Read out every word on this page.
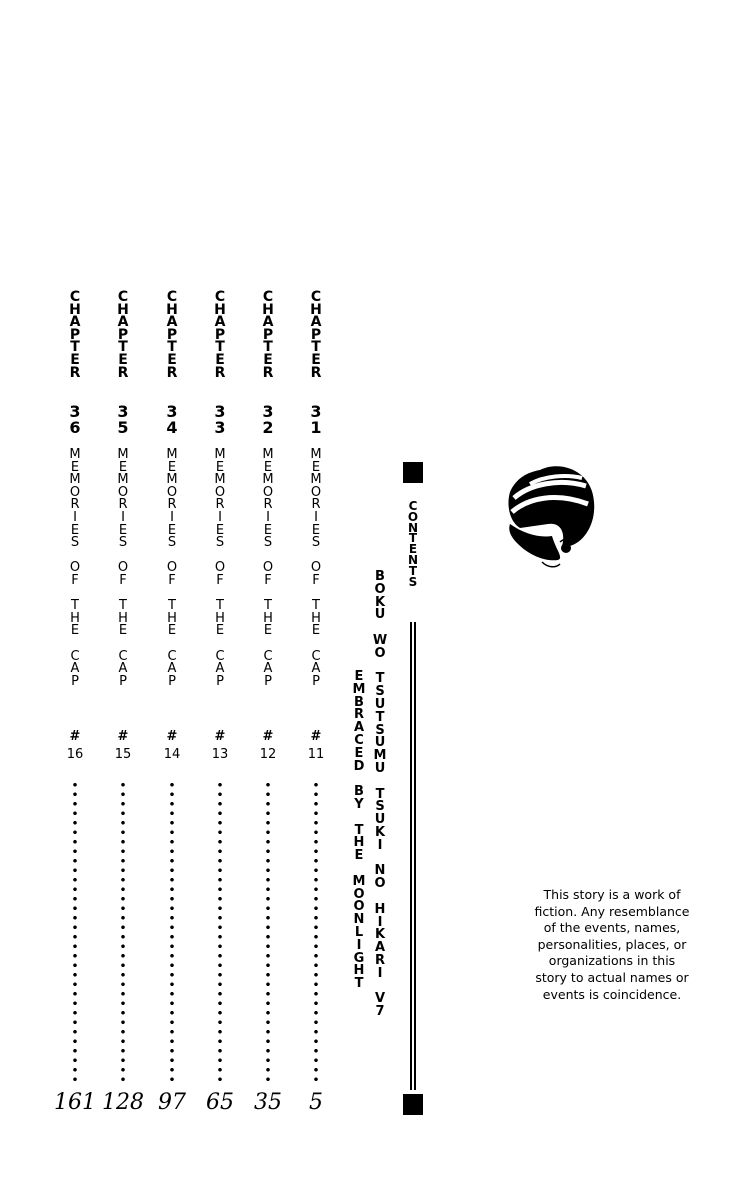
C
O
N
T
E
N
T
S
B
O
K
U

W
O

T
S
U
T
S
U
M
U

T
S
U
K
I

N
O

H
I
K
A
R
I

V
7
E
M
B
R
A
C
E
D

B
Y

T
H
E

M
O
O
N
L
I
G
H
T
C
H
A
P
T
E
R
3
1
M
E
M
O
R
I
E
S

O
F

T
H
E

C
A
P
#
11
5
C
H
A
P
T
E
R
3
2
M
E
M
O
R
I
E
S

O
F

T
H
E

C
A
P
#
12
35
C
H
A
P
T
E
R
3
3
M
E
M
O
R
I
E
S

O
F

T
H
E

C
A
P
#
13
65
C
H
A
P
T
E
R
3
4
M
E
M
O
R
I
E
S

O
F

T
H
E

C
A
P
#
14
97
C
H
A
P
T
E
R
3
5
M
E
M
O
R
I
E
S

O
F

T
H
E

C
A
P
#
15
128
C
H
A
P
T
E
R
3
6
M
E
M
O
R
I
E
S

O
F

T
H
E

C
A
P
#
16
161
This story is a work of
fiction. Any resemblance
of the events, names,
personalities, places, or
organizations in this
story to actual names or
events is coincidence.
